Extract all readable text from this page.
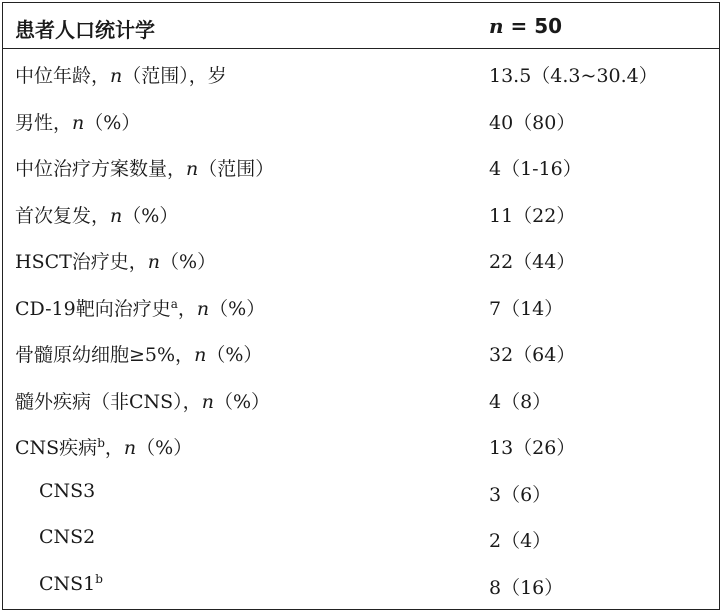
患者人口统计学	n = 50
中位年龄，n（范围），岁	13.5（4.3~30.4）
男性，n（%）	40（80）
中位治疗方案数量，n（范围）	4（1-16）
首次复发，n（%）	11（22）
HSCT治疗史，n（%）	22（44）
CD-19靶向治疗史$^a$，n（%）	7（14）
骨髓原幼细胞≥5%，n（%）	32（64）
髓外疾病（非CNS），n（%）	4（8）
CNS疾病$^b$，n（%）	13（26）
CNS3	3（6）
CNS2	2（4）
CNS1$^b$	8（16）
